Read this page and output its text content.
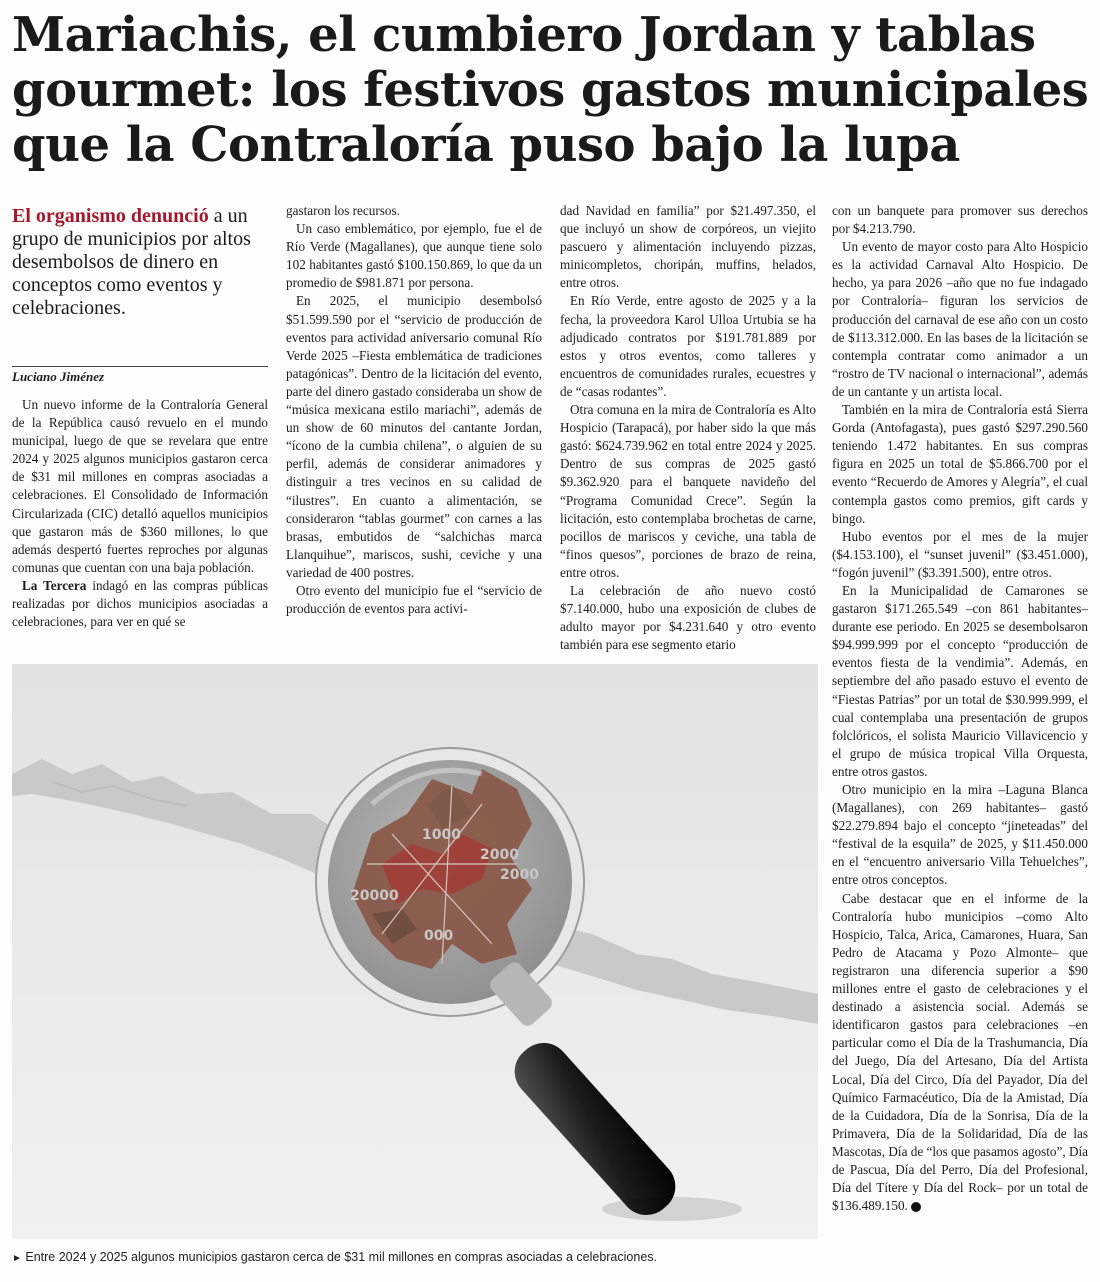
Mariachis, el cumbiero Jordan y tablas gourmet: los festivos gastos municipales que la Contraloría puso bajo la lupa

El organismo denunció a un grupo de municipios por altos desembolsos de dinero en conceptos como eventos y celebraciones.

Luciano Jiménez

Un nuevo informe de la Contraloría General de la República causó revuelo en el mundo municipal, luego de que se revelara que entre 2024 y 2025 algunos municipios gastaron cerca de $31 mil millones en compras asociadas a celebraciones. El Consolidado de Información Circularizada (CIC) detalló aquellos municipios que gastaron más de $360 millones, lo que además despertó fuertes reproches por algunas comunas que cuentan con una baja población.

La Tercera indagó en las compras públicas realizadas por dichos municipios asociadas a celebraciones, para ver en qué se

gastaron los recursos.

Un caso emblemático, por ejemplo, fue el de Río Verde (Magallanes), que aunque tiene solo 102 habitantes gastó $100.150.869, lo que da un promedio de $981.871 por persona.

En 2025, el municipio desembolsó $51.599.590 por el “servicio de producción de eventos para actividad aniversario comunal Río Verde 2025 –Fiesta emblemática de tradiciones patagónicas”. Dentro de la licitación del evento, parte del dinero gastado consideraba un show de “música mexicana estilo mariachi”, además de un show de 60 minutos del cantante Jordan, “ícono de la cumbia chilena”, o alguien de su perfil, además de considerar animadores y distinguir a tres vecinos en su calidad de “ilustres”. En cuanto a alimentación, se consideraron “tablas gourmet” con carnes a las brasas, embutidos de “salchichas marca Llanquihue”, mariscos, sushi, ceviche y una variedad de 400 postres.

Otro evento del municipio fue el “servicio de producción de eventos para activi-

dad Navidad en familia” por $21.497.350, el que incluyó un show de corpóreos, un viejito pascuero y alimentación incluyendo pizzas, minicompletos, choripán, muffins, helados, entre otros.

En Río Verde, entre agosto de 2025 y a la fecha, la proveedora Karol Ulloa Urtubia se ha adjudicado contratos por $191.781.889 por estos y otros eventos, como talleres y encuentros de comunidades rurales, ecuestres y de “casas rodantes”.

Otra comuna en la mira de Contraloría es Alto Hospicio (Tarapacá), por haber sido la que más gastó: $624.739.962 en total entre 2024 y 2025. Dentro de sus compras de 2025 gastó $9.362.920 para el banquete navideño del “Programa Comunidad Crece”. Según la licitación, esto contemplaba brochetas de carne, pocillos de mariscos y ceviche, una tabla de “finos quesos”, porciones de brazo de reina, entre otros.

La celebración de año nuevo costó $7.140.000, hubo una exposición de clubes de adulto mayor por $4.231.640 y otro evento también para ese segmento etario

con un banquete para promover sus derechos por $4.213.790.

Un evento de mayor costo para Alto Hospicio es la actividad Carnaval Alto Hospicio. De hecho, ya para 2026 –año que no fue indagado por Contraloría– figuran los servicios de producción del carnaval de ese año con un costo de $113.312.000. En las bases de la licitación se contempla contratar como animador a un “rostro de TV nacional o internacional”, además de un cantante y un artista local.

También en la mira de Contraloría está Sierra Gorda (Antofagasta), pues gastó $297.290.560 teniendo 1.472 habitantes. En sus compras figura en 2025 un total de $5.866.700 por el evento “Recuerdo de Amores y Alegría”, el cual contempla gastos como premios, gift cards y bingo.

Hubo eventos por el mes de la mujer ($4.153.100), el “sunset juvenil” ($3.451.000), “fogón juvenil” ($3.391.500), entre otros.

En la Municipalidad de Camarones se gastaron $171.265.549 –con 861 habitantes– durante ese periodo. En 2025 se desembolsaron $94.999.999 por el concepto “producción de eventos fiesta de la vendimia”. Además, en septiembre del año pasado estuvo el evento de “Fiestas Patrias” por un total de $30.999.999, el cual contemplaba una presentación de grupos folclóricos, el solista Mauricio Villavicencio y el grupo de música tropical Villa Orquesta, entre otros gastos.

Otro municipio en la mira –Laguna Blanca (Magallanes), con 269 habitantes– gastó $22.279.894 bajo el concepto “jineteadas” del “festival de la esquila” de 2025, y $11.450.000 en el “encuentro aniversario Villa Tehuelches”, entre otros conceptos.

Cabe destacar que en el informe de la Contraloría hubo municipios –como Alto Hospicio, Talca, Arica, Camarones, Huara, San Pedro de Atacama y Pozo Almonte– que registraron una diferencia superior a $90 millones entre el gasto de celebraciones y el destinado a asistencia social. Además se identificaron gastos para celebraciones –en particular como el Día de la Trashumancia, Día del Juego, Día del Artesano, Día del Artista Local, Día del Circo, Día del Payador, Día del Químico Farmacéutico, Día de la Amistad, Día de la Cuidadora, Día de la Sonrisa, Día de la Primavera, Día de la Solidaridad, Día de las Mascotas, Día de “los que pasamos agosto”, Día de Pascua, Día del Perro, Día del Profesional, Día del Títere y Día del Rock– por un total de $136.489.150.

1000
2000
20000
2000
000
► Entre 2024 y 2025 algunos municipios gastaron cerca de $31 mil millones en compras asociadas a celebraciones.
